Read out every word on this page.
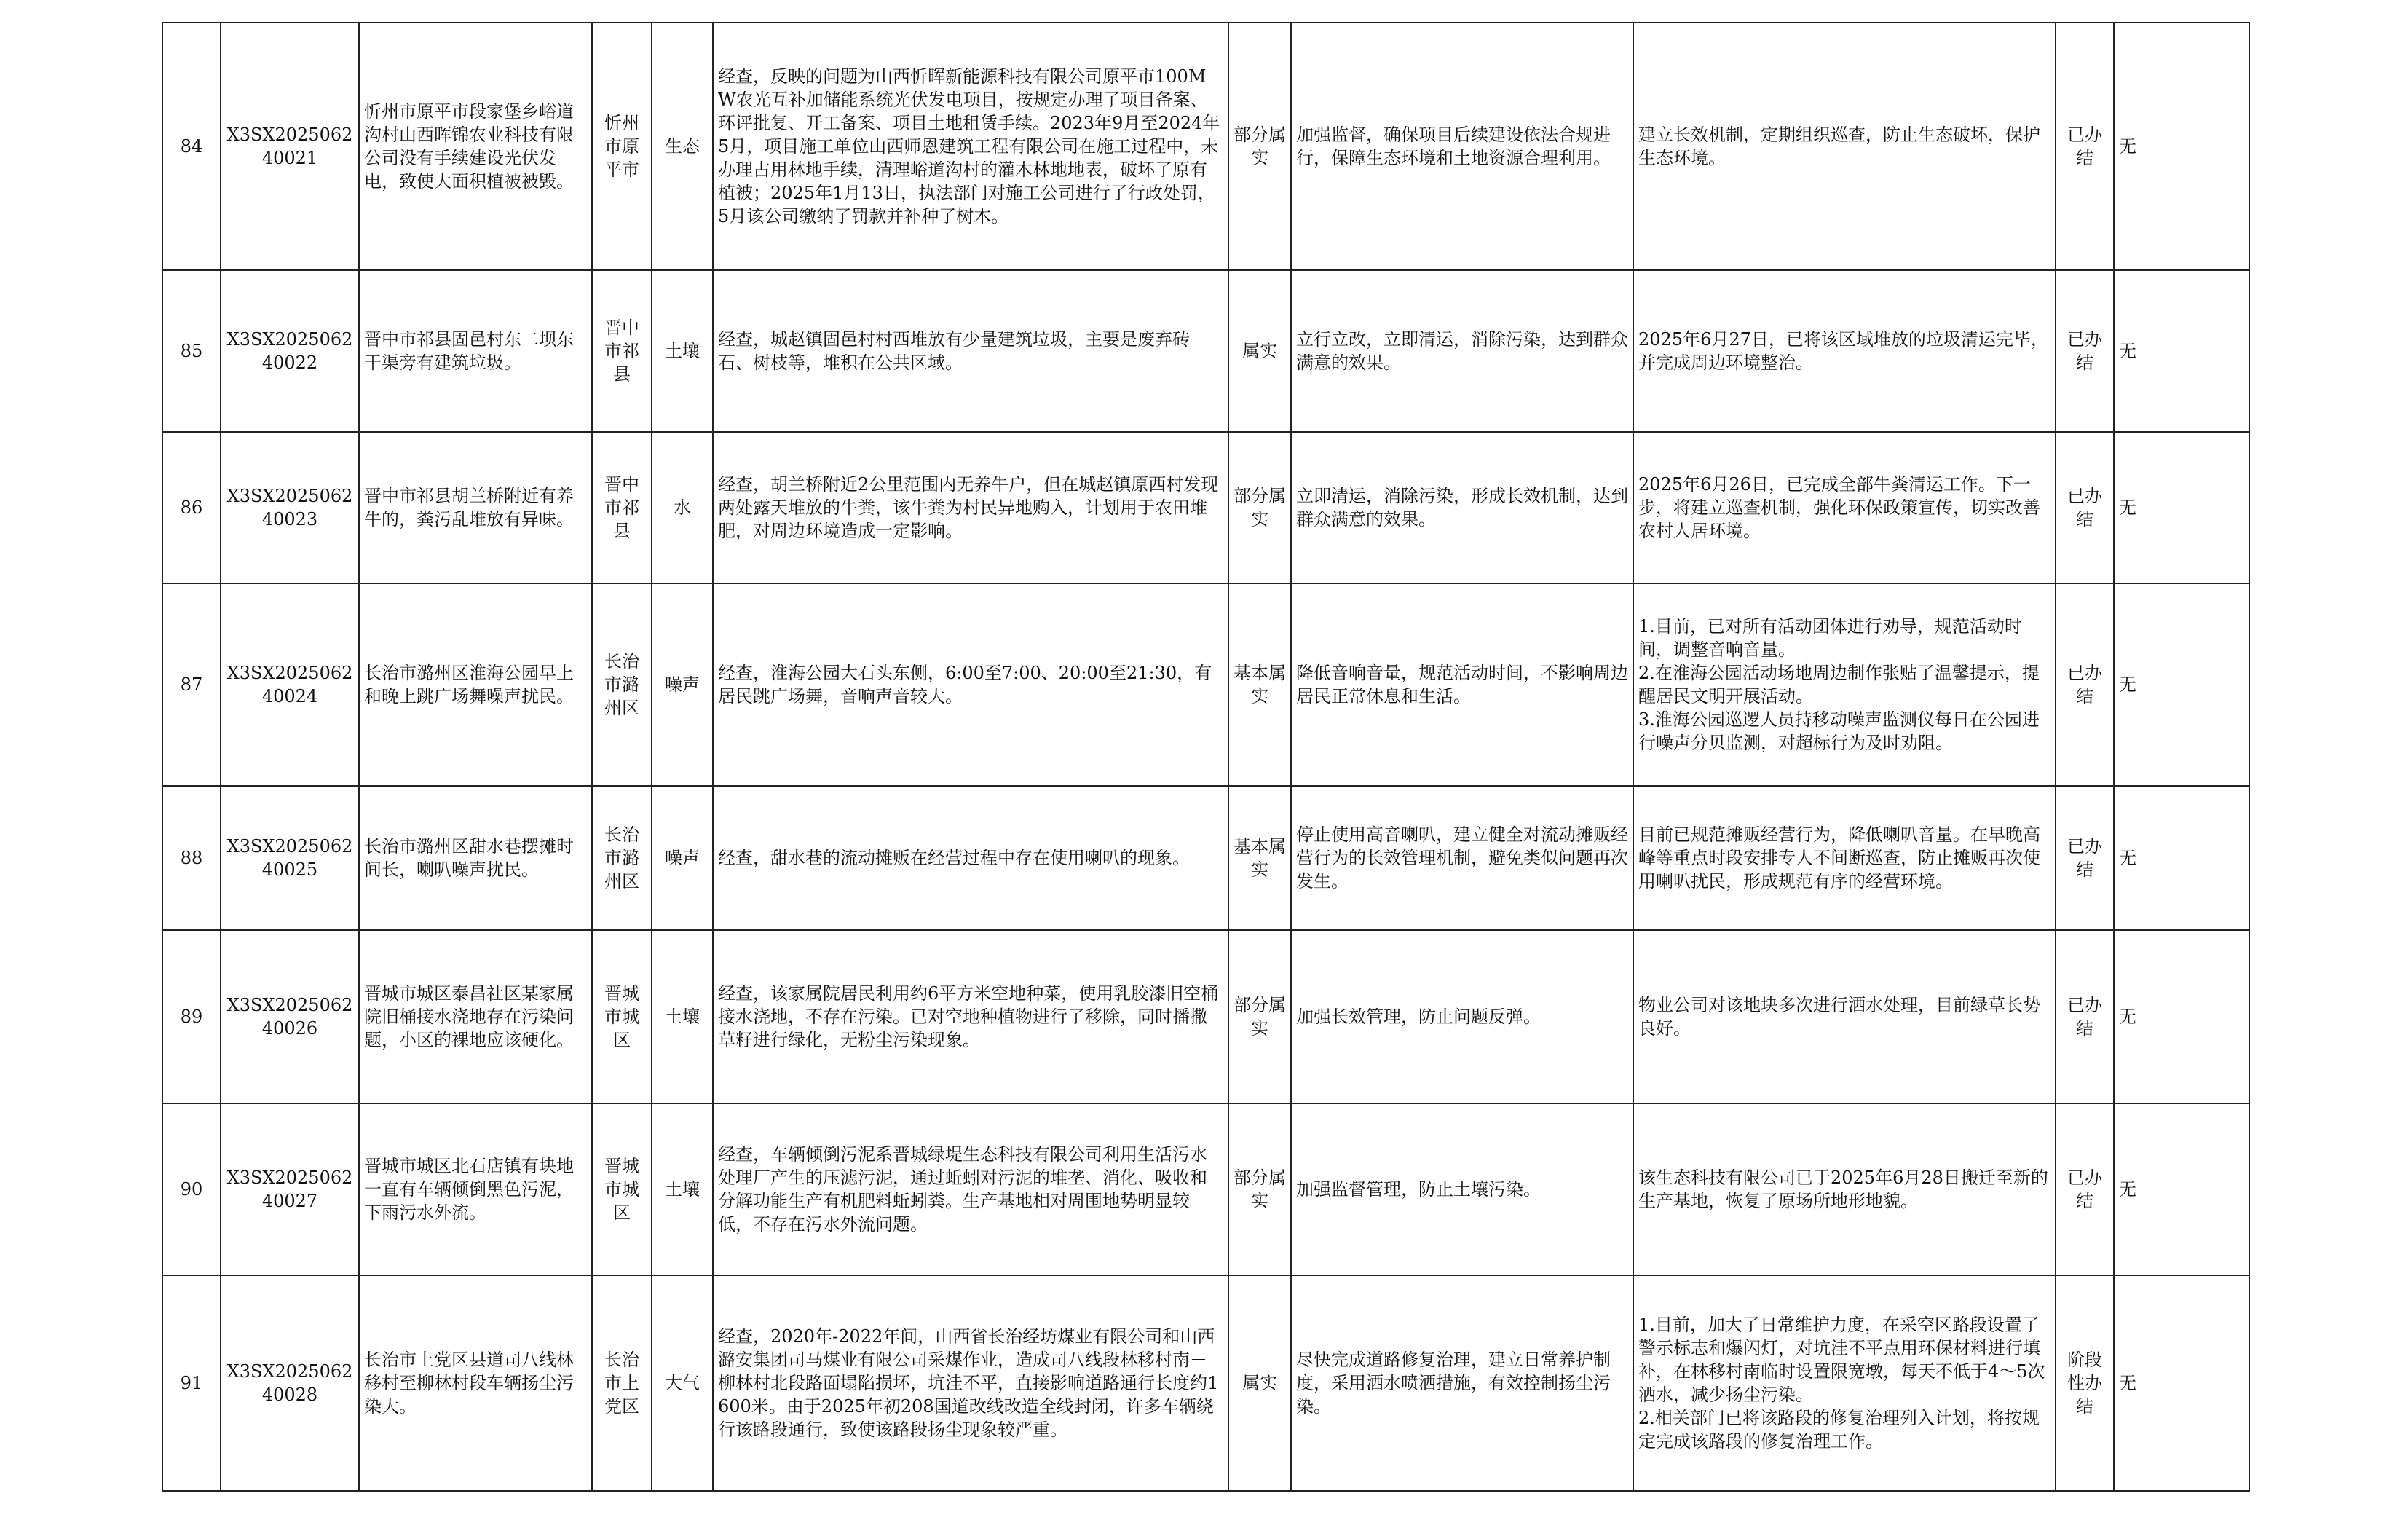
84	X3SX202506240021	忻州市原平市段家堡乡峪道沟村山西晖锦农业科技有限公司没有手续建设光伏发电，致使大面积植被被毁。	忻州市原平市	生态	经查，反映的问题为山西忻晖新能源科技有限公司原平市100MW农光互补加储能系统光伏发电项目，按规定办理了项目备案、环评批复、开工备案、项目土地租赁手续。2023年9月至2024年5月，项目施工单位山西师恩建筑工程有限公司在施工过程中，未办理占用林地手续，清理峪道沟村的灌木林地地表，破坏了原有植被；2025年1月13日，执法部门对施工公司进行了行政处罚，5月该公司缴纳了罚款并补种了树木。	部分属实	加强监督，确保项目后续建设依法合规进行，保障生态环境和土地资源合理利用。	建立长效机制，定期组织巡查，防止生态破坏，保护生态环境。	已办结	无
85	X3SX202506240022	晋中市祁县固邑村东二坝东干渠旁有建筑垃圾。	晋中市祁县	土壤	经查，城赵镇固邑村村西堆放有少量建筑垃圾，主要是废弃砖石、树枝等，堆积在公共区域。	属实	立行立改，立即清运，消除污染，达到群众满意的效果。	2025年6月27日，已将该区域堆放的垃圾清运完毕，并完成周边环境整治。	已办结	无
86	X3SX202506240023	晋中市祁县胡兰桥附近有养牛的，粪污乱堆放有异味。	晋中市祁县	水	经查，胡兰桥附近2公里范围内无养牛户，但在城赵镇原西村发现两处露天堆放的牛粪，该牛粪为村民异地购入，计划用于农田堆肥，对周边环境造成一定影响。	部分属实	立即清运，消除污染，形成长效机制，达到群众满意的效果。	2025年6月26日，已完成全部牛粪清运工作。下一步，将建立巡查机制，强化环保政策宣传，切实改善农村人居环境。	已办结	无
87	X3SX202506240024	长治市潞州区淮海公园早上和晚上跳广场舞噪声扰民。	长治市潞州区	噪声	经查，淮海公园大石头东侧，6:00至7:00、20:00至21:30，有居民跳广场舞，音响声音较大。	基本属实	降低音响音量，规范活动时间，不影响周边居民正常休息和生活。	1.目前，已对所有活动团体进行劝导，规范活动时间，调整音响音量。
2.在淮海公园活动场地周边制作张贴了温馨提示，提醒居民文明开展活动。
3.淮海公园巡逻人员持移动噪声监测仪每日在公园进行噪声分贝监测，对超标行为及时劝阻。	已办结	无
88	X3SX202506240025	长治市潞州区甜水巷摆摊时间长，喇叭噪声扰民。	长治市潞州区	噪声	经查，甜水巷的流动摊贩在经营过程中存在使用喇叭的现象。	基本属实	停止使用高音喇叭，建立健全对流动摊贩经营行为的长效管理机制，避免类似问题再次发生。	目前已规范摊贩经营行为，降低喇叭音量。在早晚高峰等重点时段安排专人不间断巡查，防止摊贩再次使用喇叭扰民，形成规范有序的经营环境。	已办结	无
89	X3SX202506240026	晋城市城区泰昌社区某家属院旧桶接水浇地存在污染问题，小区的裸地应该硬化。	晋城市城区	土壤	经查，该家属院居民利用约6平方米空地种菜，使用乳胶漆旧空桶接水浇地，不存在污染。已对空地种植物进行了移除，同时播撒草籽进行绿化，无粉尘污染现象。	部分属实	加强长效管理，防止问题反弹。	物业公司对该地块多次进行洒水处理，目前绿草长势良好。	已办结	无
90	X3SX202506240027	晋城市城区北石店镇有块地一直有车辆倾倒黑色污泥，下雨污水外流。	晋城市城区	土壤	经查，车辆倾倒污泥系晋城绿堤生态科技有限公司利用生活污水处理厂产生的压滤污泥，通过蚯蚓对污泥的堆垄、消化、吸收和分解功能生产有机肥料蚯蚓粪。生产基地相对周围地势明显较低，不存在污水外流问题。	部分属实	加强监督管理，防止土壤污染。	该生态科技有限公司已于2025年6月28日搬迁至新的生产基地，恢复了原场所地形地貌。	已办结	无
91	X3SX202506240028	长治市上党区县道司八线林移村至柳林村段车辆扬尘污染大。	长治市上党区	大气	经查，2020年-2022年间，山西省长治经坊煤业有限公司和山西潞安集团司马煤业有限公司采煤作业，造成司八线段林移村南－柳林村北段路面塌陷损坏，坑洼不平，直接影响道路通行长度约1600米。由于2025年初208国道改线改造全线封闭，许多车辆绕行该路段通行，致使该路段扬尘现象较严重。	属实	尽快完成道路修复治理，建立日常养护制度，采用洒水喷洒措施，有效控制扬尘污染。	1.目前，加大了日常维护力度，在采空区路段设置了警示标志和爆闪灯，对坑洼不平点用环保材料进行填补，在林移村南临时设置限宽墩，每天不低于4～5次洒水，减少扬尘污染。
2.相关部门已将该路段的修复治理列入计划，将按规定完成该路段的修复治理工作。	阶段性办结	无
